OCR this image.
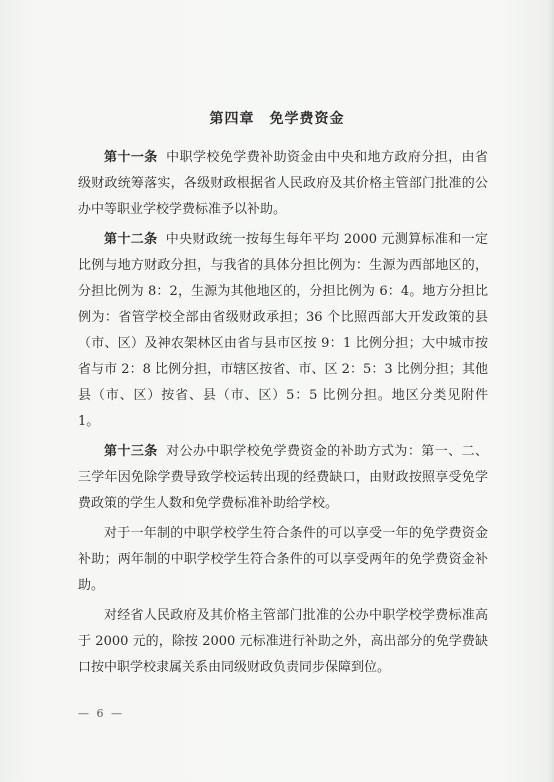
第四章　免学费资金

第十一条 中职学校免学费补助资金由中央和地方政府分担，由省级财政统筹落实，各级财政根据省人民政府及其价格主管部门批准的公办中等职业学校学费标准予以补助。

第十二条 中央财政统一按每生每年平均 2000 元测算标准和一定比例与地方财政分担，与我省的具体分担比例为：生源为西部地区的，分担比例为 8：2，生源为其他地区的，分担比例为 6：4。地方分担比例为：省管学校全部由省级财政承担；36 个比照西部大开发政策的县（市、区）及神农架林区由省与县市区按 9：1 比例分担；大中城市按省与市 2：8 比例分担，市辖区按省、市、区 2：5：3 比例分担；其他县（市、区）按省、县（市、区）5：5 比例分担。地区分类见附件 1。

第十三条 对公办中职学校免学费资金的补助方式为：第一、二、三学年因免除学费导致学校运转出现的经费缺口，由财政按照享受免学费政策的学生人数和免学费标准补助给学校。

对于一年制的中职学校学生符合条件的可以享受一年的免学费资金补助；两年制的中职学校学生符合条件的可以享受两年的免学费资金补助。

对经省人民政府及其价格主管部门批准的公办中职学校学费标准高于 2000 元的，除按 2000 元标准进行补助之外，高出部分的免学费缺口按中职学校隶属关系由同级财政负责同步保障到位。

— 6 —
